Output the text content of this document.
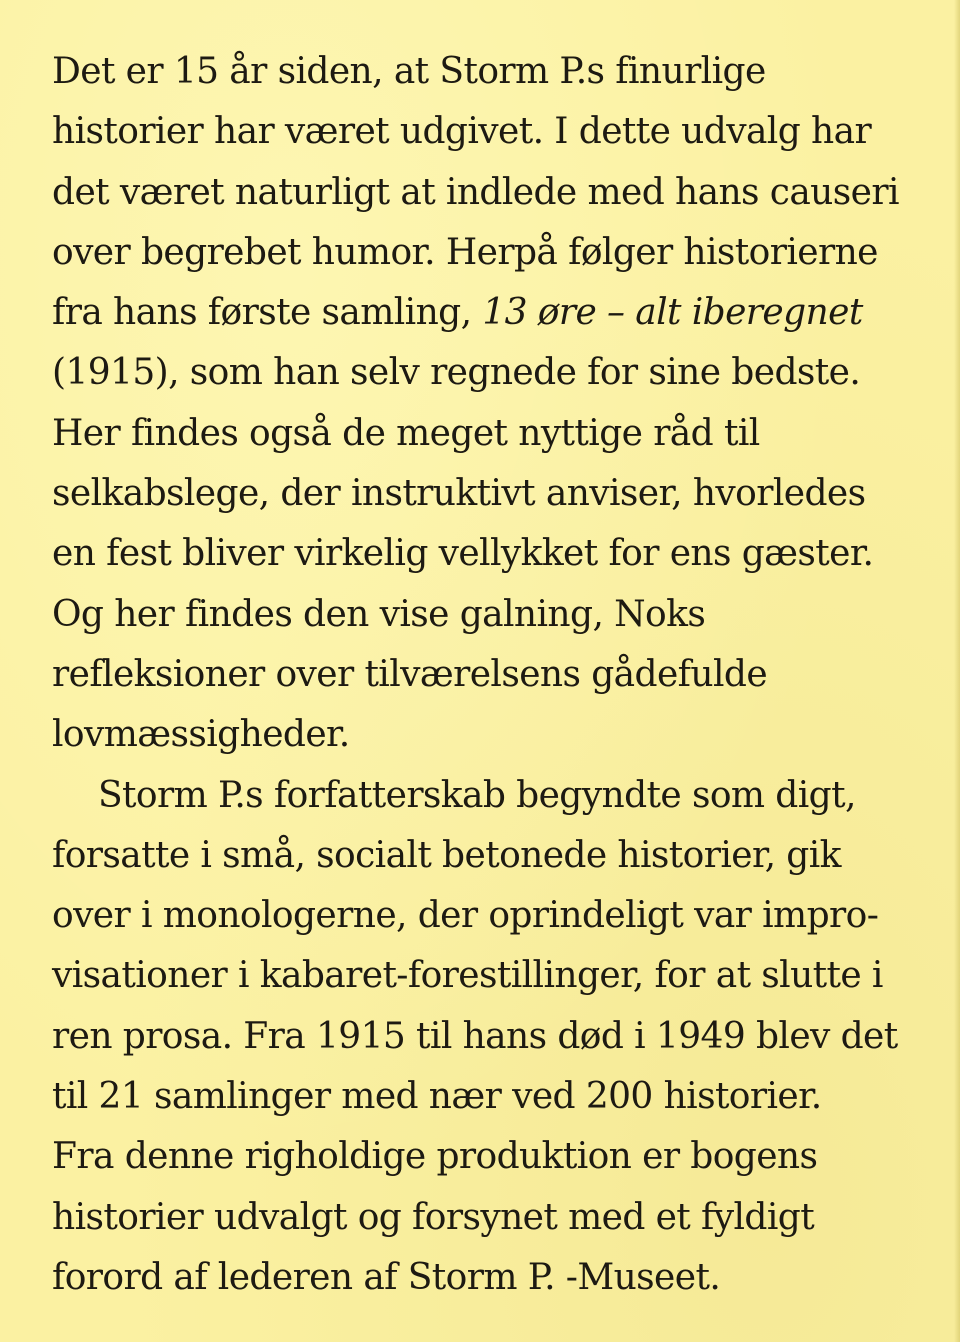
Det er 15 år siden, at Storm P.s finurlige
historier har været udgivet. I dette udvalg har
det været naturligt at indlede med hans causeri
over begrebet humor. Herpå følger historierne
fra hans første samling, 13 øre – alt iberegnet
(1915), som han selv regnede for sine bedste.
Her findes også de meget nyttige råd til
selkabslege, der instruktivt anviser, hvorledes
en fest bliver virkelig vellykket for ens gæster.
Og her findes den vise galning, Noks
refleksioner over tilværelsens gådefulde
lovmæssigheder.
Storm P.s forfatterskab begyndte som digt,
forsatte i små, socialt betonede historier, gik
over i monologerne, der oprindeligt var impro-
visationer i kabaret-forestillinger, for at slutte i
ren prosa. Fra 1915 til hans død i 1949 blev det
til 21 samlinger med nær ved 200 historier.
Fra denne righoldige produktion er bogens
historier udvalgt og forsynet med et fyldigt
forord af lederen af Storm P. -Museet.
